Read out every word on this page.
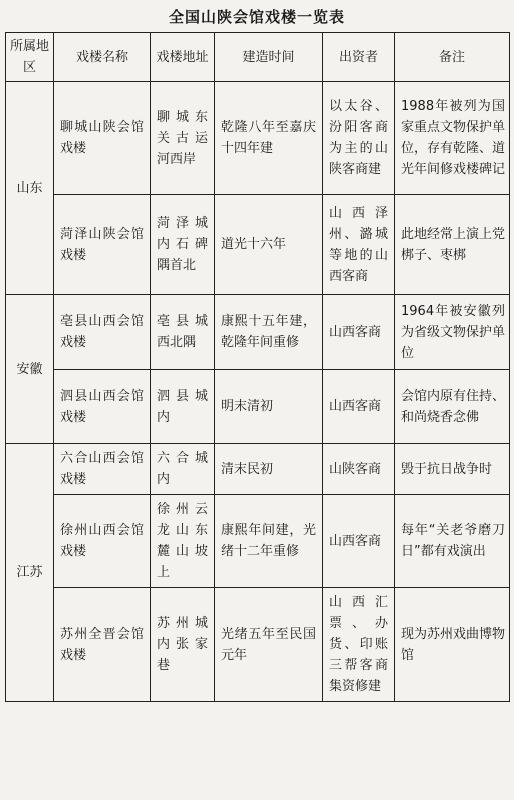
全国山陕会馆戏楼一览表
所属地区	戏楼名称	戏楼地址	建造时间	出资者	备注
山东	聊城山陕会馆戏楼	聊城东关古运河西岸	乾隆八年至嘉庆十四年建	以太谷、汾阳客商为主的山陕客商建	1988年被列为国家重点文物保护单位，存有乾隆、道光年间修戏楼碑记
	菏泽山陕会馆戏楼	菏泽城内石碑隅首北	道光十六年	山西泽州、潞城等地的山西客商	此地经常上演上党梆子、枣梆
安徽	亳县山西会馆戏楼	亳县城西北隅	康熙十五年建，乾隆年间重修	山西客商	1964年被安徽列为省级文物保护单位
	泗县山西会馆戏楼	泗县城内	明末清初	山西客商	会馆内原有住持、和尚烧香念佛
江苏	六合山西会馆戏楼	六合城内	清末民初	山陕客商	毁于抗日战争时
	徐州山西会馆戏楼	徐州云龙山东麓山坡上	康熙年间建，光绪十二年重修	山西客商	每年“关老爷磨刀日”都有戏演出
	苏州全晋会馆戏楼	苏州城内张家巷	光绪五年至民国元年	山西汇票、办货、印账三帮客商集资修建	现为苏州戏曲博物馆
